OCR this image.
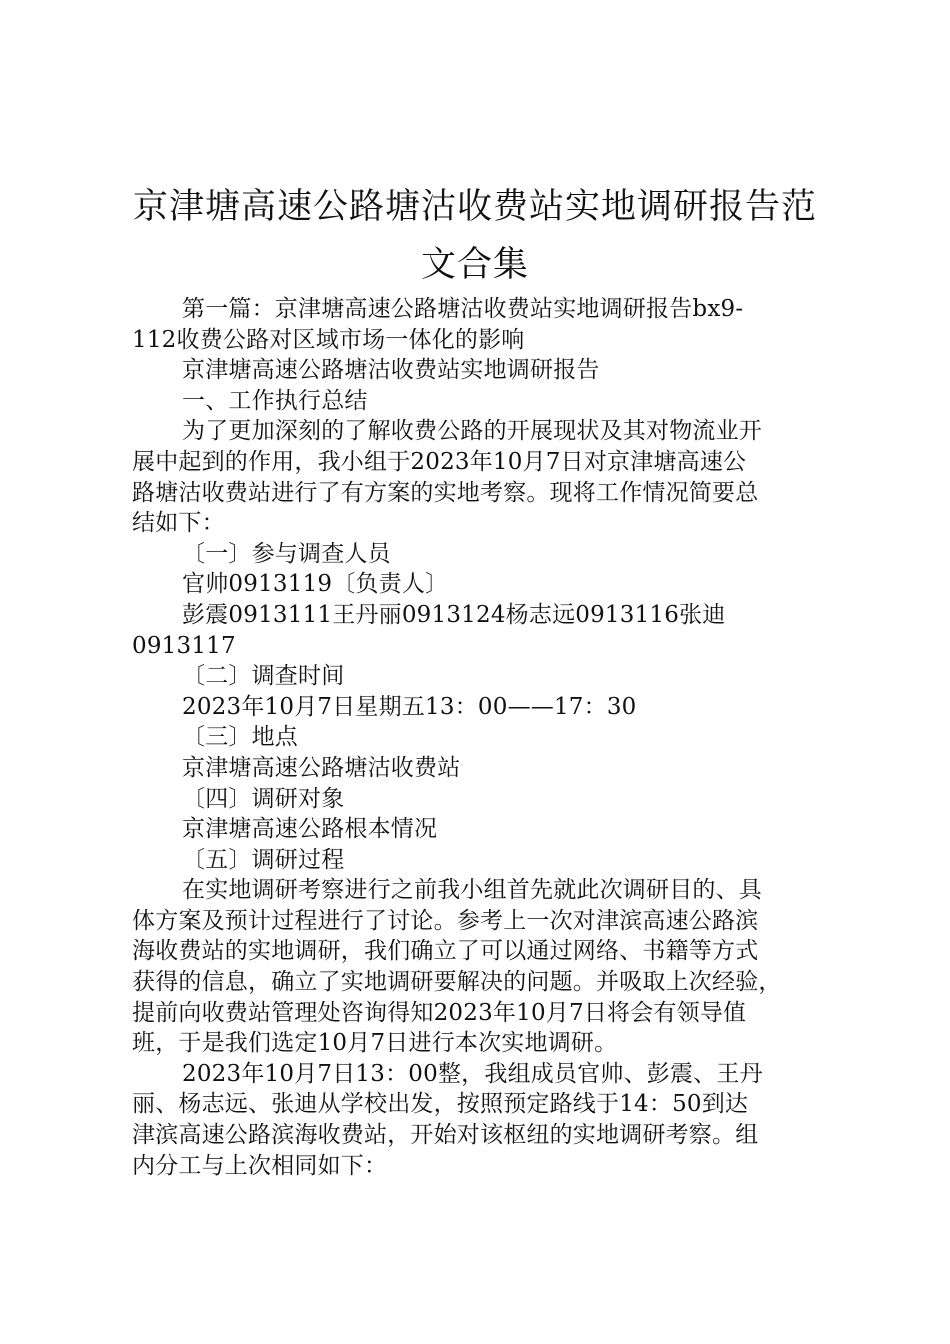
京津塘高速公路塘沽收费站实地调研报告范
文合集

第一篇：京津塘高速公路塘沽收费站实地调研报告bx9-

112收费公路对区域市场一体化的影响

京津塘高速公路塘沽收费站实地调研报告

一、工作执行总结

为了更加深刻的了解收费公路的开展现状及其对物流业开

展中起到的作用，我小组于2023年10月7日对京津塘高速公

路塘沽收费站进行了有方案的实地考察。现将工作情况简要总

结如下：

〔一〕参与调查人员

官帅0913119〔负责人〕

彭震0913111王丹丽0913124杨志远0913116张迪

0913117

〔二〕调查时间

2023年10月7日星期五13：00——17：30

〔三〕地点

京津塘高速公路塘沽收费站

〔四〕调研对象

京津塘高速公路根本情况

〔五〕调研过程

在实地调研考察进行之前我小组首先就此次调研目的、具

体方案及预计过程进行了讨论。参考上一次对津滨高速公路滨

海收费站的实地调研，我们确立了可以通过网络、书籍等方式

获得的信息，确立了实地调研要解决的问题。并吸取上次经验，

提前向收费站管理处咨询得知2023年10月7日将会有领导值

班，于是我们选定10月7日进行本次实地调研。

2023年10月7日13：00整，我组成员官帅、彭震、王丹

丽、杨志远、张迪从学校出发，按照预定路线于14：50到达

津滨高速公路滨海收费站，开始对该枢纽的实地调研考察。组

内分工与上次相同如下：
